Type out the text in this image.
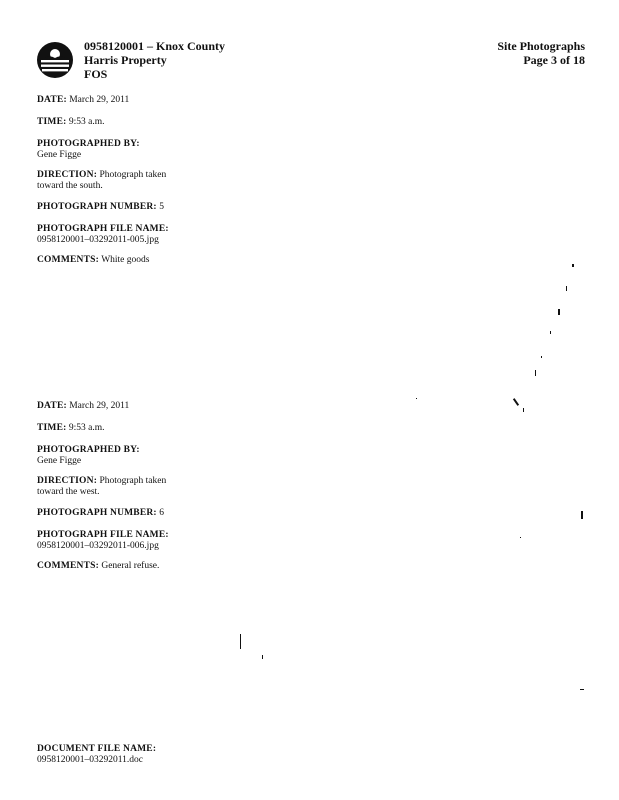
0958120001 – Knox County
Harris Property
FOS
Site Photographs
Page 3 of 18

DATE: March 29, 2011

TIME: 9:53 a.m.

PHOTOGRAPHED BY:
Gene Figge

DIRECTION: Photograph taken
toward the south.

PHOTOGRAPH NUMBER: 5

PHOTOGRAPH FILE NAME:
0958120001–03292011-005.jpg

COMMENTS: White goods

DATE: March 29, 2011

TIME: 9:53 a.m.

PHOTOGRAPHED BY:
Gene Figge

DIRECTION: Photograph taken
toward the west.

PHOTOGRAPH NUMBER: 6

PHOTOGRAPH FILE NAME:
0958120001–03292011-006.jpg

COMMENTS: General refuse.

DOCUMENT FILE NAME:
0958120001–03292011.doc
